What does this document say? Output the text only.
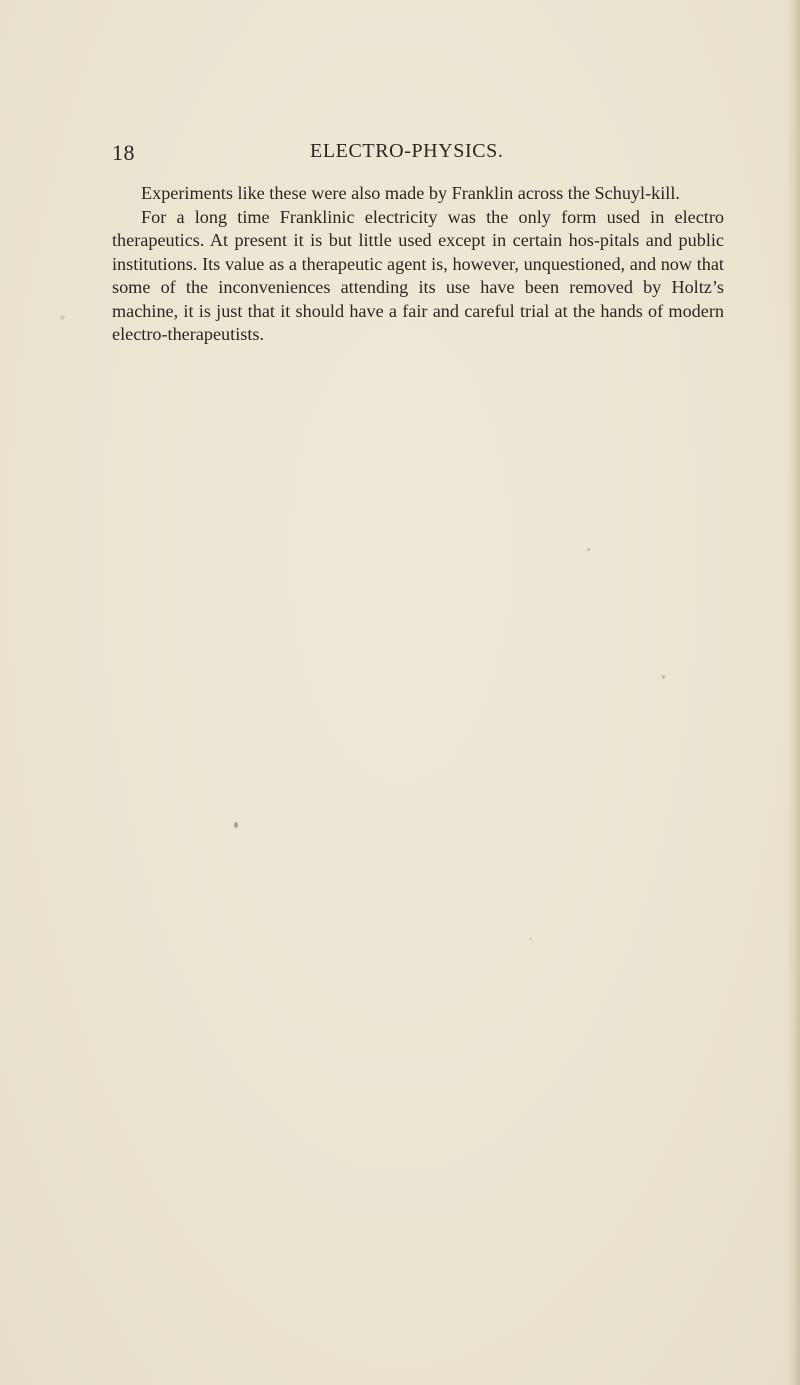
18	ELECTRO-PHYSICS.

Experiments like these were also made by Franklin across the Schuyl-kill.

For a long time Franklinic electricity was the only form used in electro therapeutics. At present it is but little used except in certain hos-pitals and public institutions. Its value as a therapeutic agent is, however, unquestioned, and now that some of the inconveniences attending its use have been removed by Holtz’s machine, it is just that it should have a fair and careful trial at the hands of modern electro-therapeutists.
